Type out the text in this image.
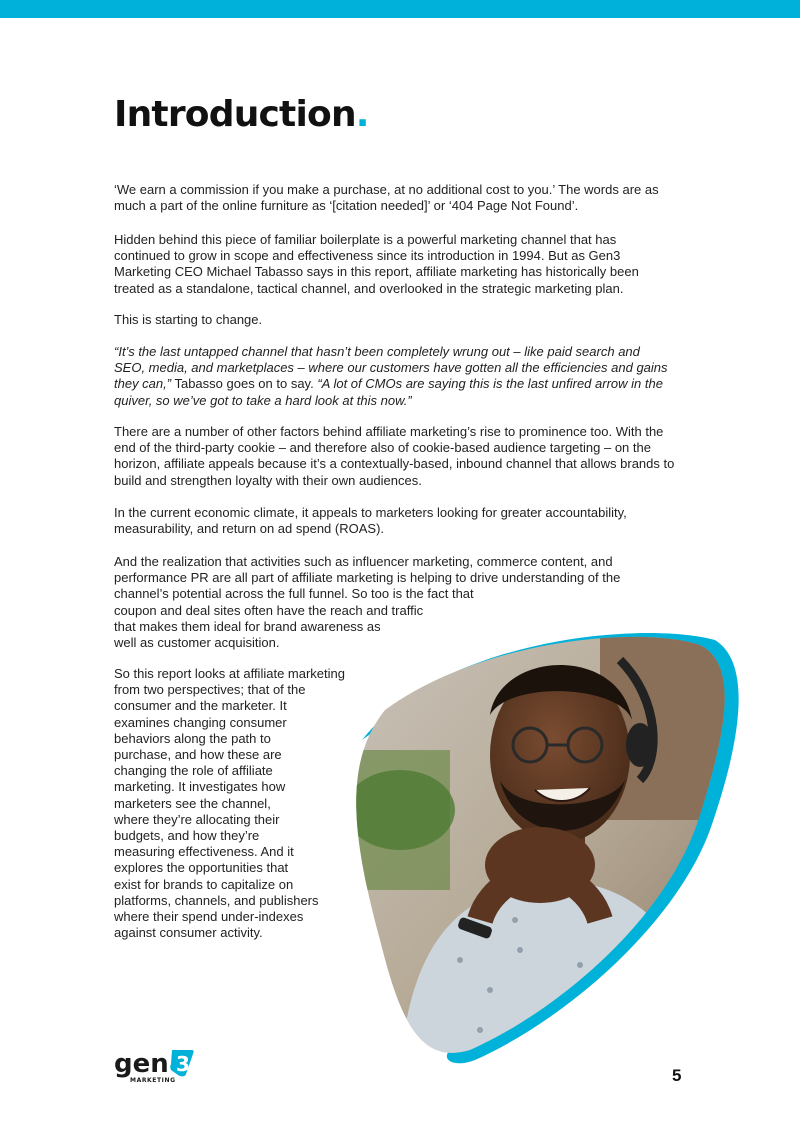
Introduction.

‘We earn a commission if you make a purchase, at no additional cost to you.’ The words are as
much a part of the online furniture as ‘[citation needed]’ or ‘404 Page Not Found’.

Hidden behind this piece of familiar boilerplate is a powerful marketing channel that has
continued to grow in scope and effectiveness since its introduction in 1994. But as Gen3
Marketing CEO Michael Tabasso says in this report, affiliate marketing has historically been
treated as a standalone, tactical channel, and overlooked in the strategic marketing plan.

This is starting to change.

“It’s the last untapped channel that hasn’t been completely wrung out – like paid search and
SEO, media, and marketplaces – where our customers have gotten all the efficiencies and gains
they can,” Tabasso goes on to say. “A lot of CMOs are saying this is the last unfired arrow in the
quiver, so we’ve got to take a hard look at this now.”

There are a number of other factors behind affiliate marketing’s rise to prominence too. With the
end of the third-party cookie – and therefore also of cookie-based audience targeting – on the
horizon, affiliate appeals because it’s a contextually-based, inbound channel that allows brands to
build and strengthen loyalty with their own audiences.

In the current economic climate, it appeals to marketers looking for greater accountability,
measurability, and return on ad spend (ROAS).

And the realization that activities such as influencer marketing, commerce content, and
performance PR are all part of affiliate marketing is helping to drive understanding of the
channel’s potential across the full funnel. So too is the fact that
coupon and deal sites often have the reach and traffic
that makes them ideal for brand awareness as
well as customer acquisition.

So this report looks at affiliate marketing
from two perspectives; that of the
consumer and the marketer. It
examines changing consumer
behaviors along the path to
purchase, and how these are
changing the role of affiliate
marketing. It investigates how
marketers see the channel,
where they’re allocating their
budgets, and how they’re
measuring effectiveness. And it
explores the opportunities that
exist for brands to capitalize on
platforms, channels, and publishers
where their spend under-indexes
against consumer activity.

gen 3
MARKETING	5
